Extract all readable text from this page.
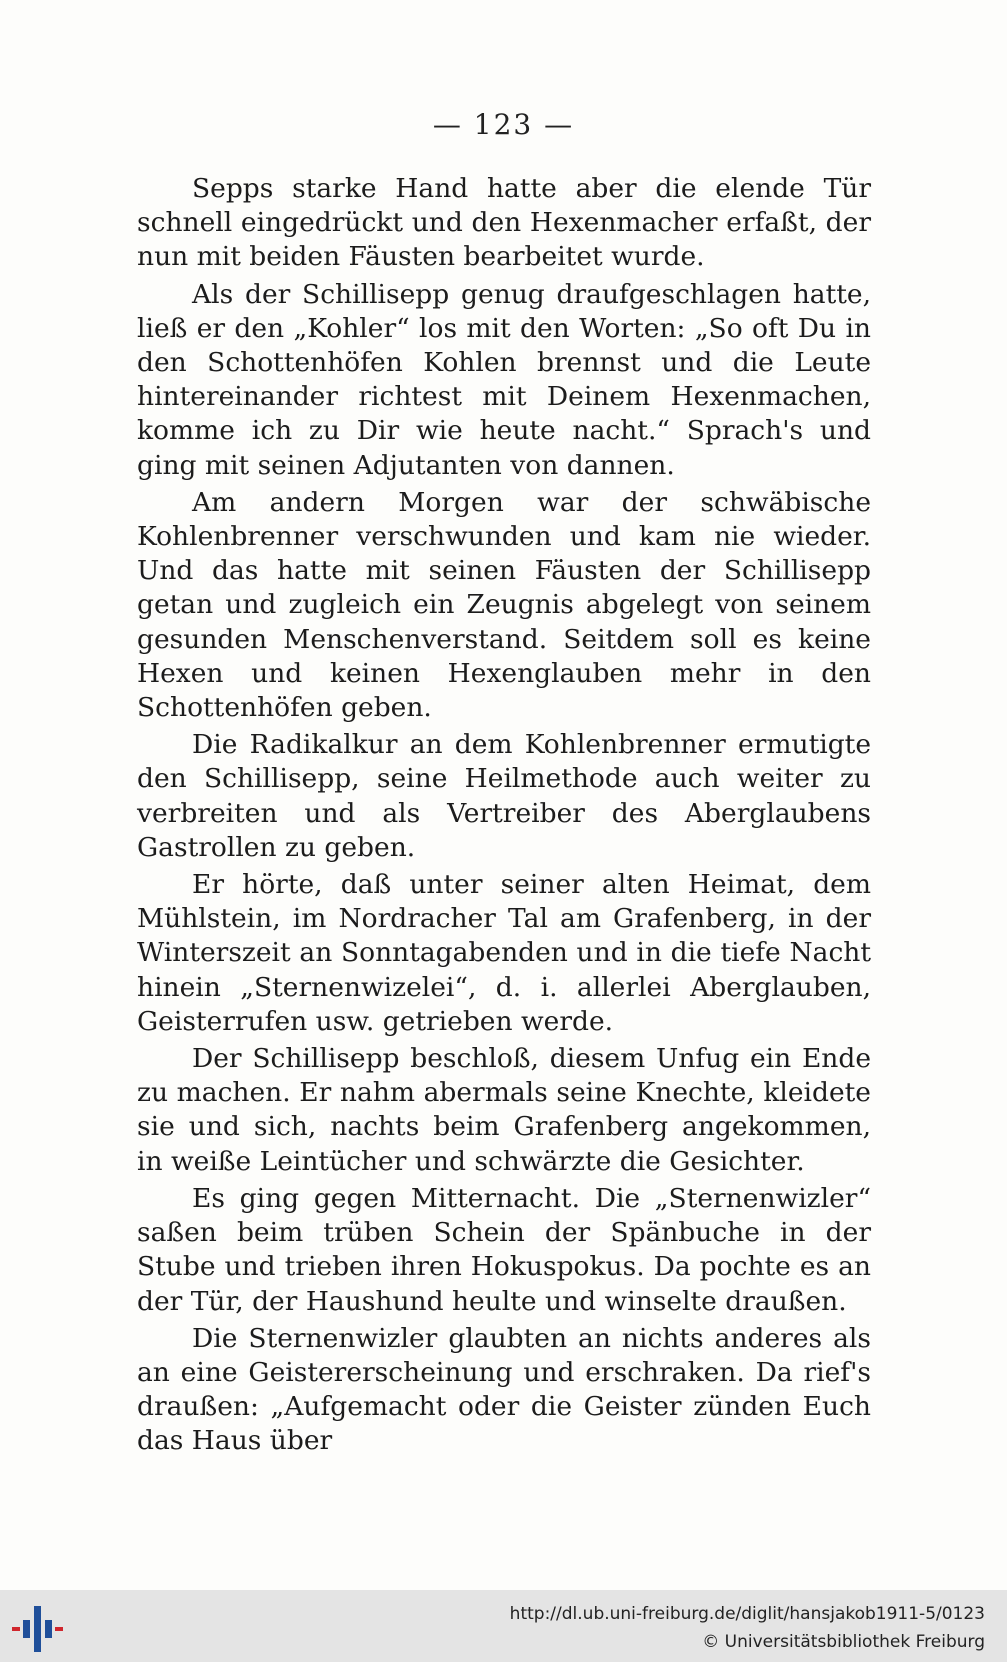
— 123 —

Sepps starke Hand hatte aber die elende Tür schnell eingedrückt und den Hexenmacher erfaßt, der nun mit beiden Fäusten bearbeitet wurde.

Als der Schillisepp genug draufgeschlagen hatte, ließ er den „Kohler“ los mit den Worten: „So oft Du in den Schottenhöfen Kohlen brennst und die Leute hintereinander richtest mit Deinem Hexenmachen, komme ich zu Dir wie heute nacht.“ Sprach's und ging mit seinen Adjutanten von dannen.

Am andern Morgen war der schwäbische Kohlenbrenner verschwunden und kam nie wieder. Und das hatte mit seinen Fäusten der Schillisepp getan und zugleich ein Zeugnis abgelegt von seinem gesunden Menschenverstand. Seitdem soll es keine Hexen und keinen Hexenglauben mehr in den Schottenhöfen geben.

Die Radikalkur an dem Kohlenbrenner ermutigte den Schillisepp, seine Heilmethode auch weiter zu verbreiten und als Vertreiber des Aberglaubens Gastrollen zu geben.

Er hörte, daß unter seiner alten Heimat, dem Mühlstein, im Nordracher Tal am Grafenberg, in der Winterszeit an Sonntagabenden und in die tiefe Nacht hinein „Sternenwizelei“, d. i. allerlei Aberglauben, Geisterrufen usw. getrieben werde.

Der Schillisepp beschloß, diesem Unfug ein Ende zu machen. Er nahm abermals seine Knechte, kleidete sie und sich, nachts beim Grafenberg angekommen, in weiße Leintücher und schwärzte die Gesichter.

Es ging gegen Mitternacht. Die „Sternenwizler“ saßen beim trüben Schein der Spänbuche in der Stube und trieben ihren Hokuspokus. Da pochte es an der Tür, der Haushund heulte und winselte draußen.

Die Sternenwizler glaubten an nichts anderes als an eine Geistererscheinung und erschraken. Da rief's draußen: „Aufgemacht oder die Geister zünden Euch das Haus über

http://dl.ub.uni-freiburg.de/diglit/hansjakob1911-5/0123
© Universitätsbibliothek Freiburg
